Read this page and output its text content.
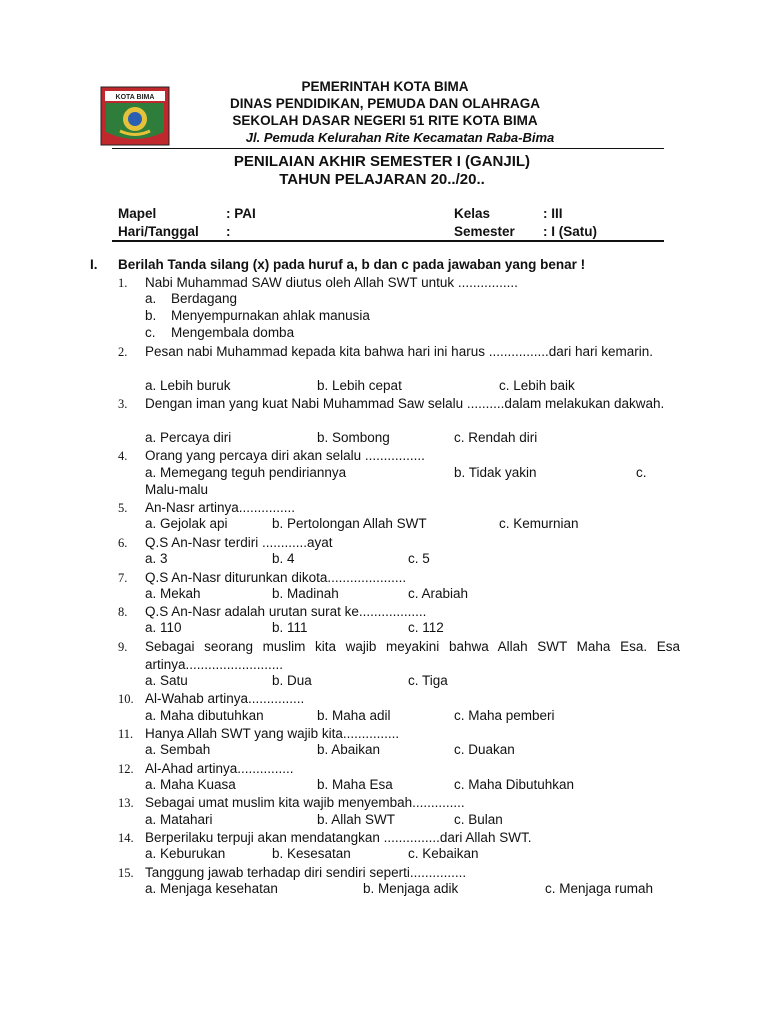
KOTA BIMA
PEMERINTAH KOTA BIMA
DINAS PENDIDIKAN, PEMUDA DAN OLAHRAGA
SEKOLAH DASAR NEGERI 51 RITE KOTA BIMA
Jl. Pemuda Kelurahan Rite Kecamatan Raba-Bima
PENILAIAN AKHIR SEMESTER I (GANJIL)
TAHUN PELAJARAN 20../20..
Mapel	: PAI
Hari/Tanggal :
Kelas	: III
Semester : I (Satu)
I. Berilah Tanda silang (x) pada huruf a, b dan c pada jawaban yang benar !
1. Nabi Muhammad SAW diutus oleh Allah SWT untuk ................
a. Berdagang
b. Menyempurnakan ahlak manusia
c. Mengembala domba
2. Pesan nabi Muhammad kepada kita bahwa hari ini harus ................dari hari kemarin.
a. Lebih buruk	b. Lebih cepat	c. Lebih baik
3. Dengan iman yang kuat Nabi Muhammad Saw selalu ..........dalam melakukan dakwah.
a. Percaya diri	b. Sombong	c. Rendah diri
4. Orang yang percaya diri akan selalu ................
a. Memegang teguh pendiriannya	b. Tidak yakin	c.
Malu-malu
5. An-Nasr artinya...............
a. Gejolak api	b. Pertolongan Allah SWT	c. Kemurnian
6. Q.S An-Nasr terdiri ............ayat
a. 3	b. 4	c. 5
7. Q.S An-Nasr diturunkan dikota.....................
a. Mekah	b. Madinah	c. Arabiah
8. Q.S An-Nasr adalah urutan surat ke..................
a. 110	b. 111	c. 112
9. Sebagai seorang muslim kita wajib meyakini bahwa Allah SWT Maha Esa. Esa artinya..........................
a. Satu	b. Dua	c. Tiga
10. Al-Wahab artinya...............
a. Maha dibutuhkan	b. Maha adil	c. Maha pemberi
11. Hanya Allah SWT yang wajib kita...............
a. Sembah	b. Abaikan	c. Duakan
12. Al-Ahad artinya...............
a. Maha Kuasa	b. Maha Esa	c. Maha Dibutuhkan
13. Sebagai umat muslim kita wajib menyembah..............
a. Matahari	b. Allah SWT	c. Bulan
14. Berperilaku terpuji akan mendatangkan ...............dari Allah SWT.
a. Keburukan	b. Kesesatan	c. Kebaikan
15. Tanggung jawab terhadap diri sendiri seperti...............
a. Menjaga kesehatan	b. Menjaga adik	c. Menjaga rumah
